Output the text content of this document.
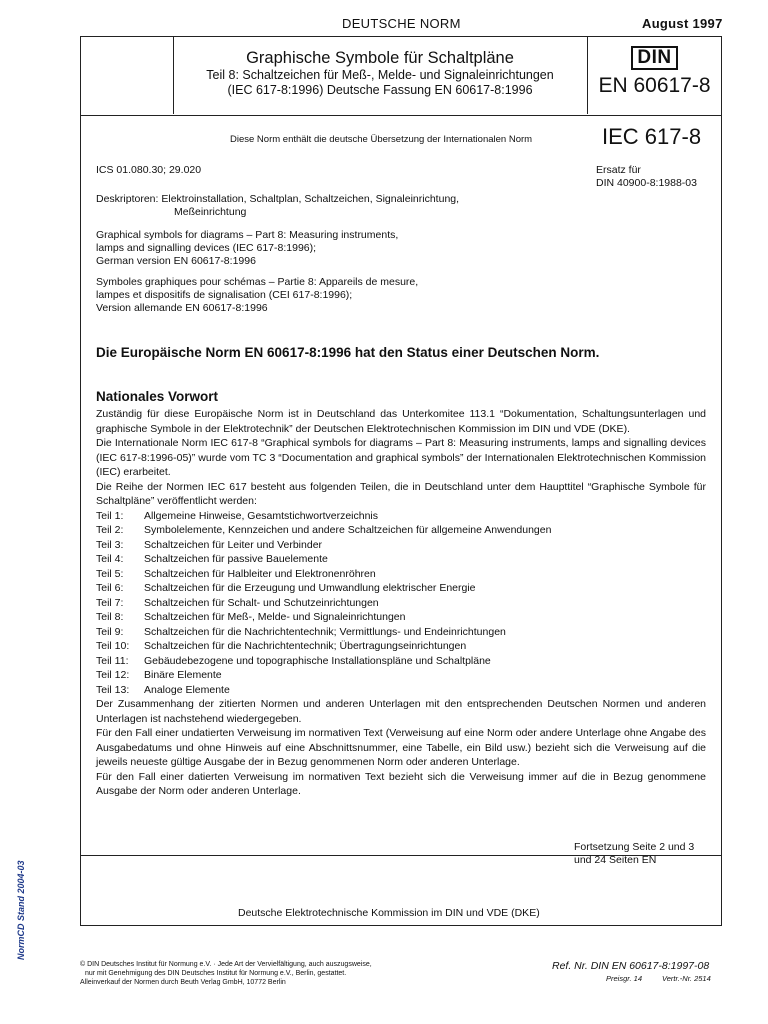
DEUTSCHE NORM	August 1997
Graphische Symbole für Schaltpläne
Teil 8: Schaltzeichen für Meß-, Melde- und Signaleinrichtungen
(IEC 617-8:1996) Deutsche Fassung EN 60617-8:1996
DIN
EN 60617-8
Diese Norm enthält die deutsche Übersetzung der Internationalen Norm	IEC 617-8
ICS 01.080.30; 29.020	Ersatz für
DIN 40900-8:1988-03
Deskriptoren: Elektroinstallation, Schaltplan, Schaltzeichen, Signaleinrichtung,
Meßeinrichtung
Graphical symbols for diagrams – Part 8: Measuring instruments,
lamps and signalling devices (IEC 617-8:1996);
German version EN 60617-8:1996
Symboles graphiques pour schémas – Partie 8: Appareils de mesure,
lampes et dispositifs de signalisation (CEI 617-8:1996);
Version allemande EN 60617-8:1996
Die Europäische Norm EN 60617-8:1996 hat den Status einer Deutschen Norm.
Nationales Vorwort
Zuständig für diese Europäische Norm ist in Deutschland das Unterkomitee 113.1 “Dokumentation, Schaltungsunterlagen und graphische Symbole in der Elektrotechnik” der Deutschen Elektrotechnischen Kommission im DIN und VDE (DKE).
Die Internationale Norm IEC 617-8 “Graphical symbols for diagrams – Part 8: Measuring instruments, lamps and signalling devices (IEC 617-8:1996-05)” wurde vom TC 3 “Documentation and graphical symbols” der Internationalen Elektrotechnischen Kommission (IEC) erarbeitet.
Die Reihe der Normen IEC 617 besteht aus folgenden Teilen, die in Deutschland unter dem Haupttitel “Graphische Symbole für Schaltpläne” veröffentlicht werden:
Teil 1:	Allgemeine Hinweise, Gesamtstichwortverzeichnis
Teil 2:	Symbolelemente, Kennzeichen und andere Schaltzeichen für allgemeine Anwendungen
Teil 3:	Schaltzeichen für Leiter und Verbinder
Teil 4:	Schaltzeichen für passive Bauelemente
Teil 5:	Schaltzeichen für Halbleiter und Elektronenröhren
Teil 6:	Schaltzeichen für die Erzeugung und Umwandlung elektrischer Energie
Teil 7:	Schaltzeichen für Schalt- und Schutzeinrichtungen
Teil 8:	Schaltzeichen für Meß-, Melde- und Signaleinrichtungen
Teil 9:	Schaltzeichen für die Nachrichtentechnik; Vermittlungs- und Endeinrichtungen
Teil 10:	Schaltzeichen für die Nachrichtentechnik; Übertragungseinrichtungen
Teil 11:	Gebäudebezogene und topographische Installationspläne und Schaltpläne
Teil 12:	Binäre Elemente
Teil 13:	Analoge Elemente
Der Zusammenhang der zitierten Normen und anderen Unterlagen mit den entsprechenden Deutschen Normen und anderen Unterlagen ist nachstehend wiedergegeben.
Für den Fall einer undatierten Verweisung im normativen Text (Verweisung auf eine Norm oder andere Unterlage ohne Angabe des Ausgabedatums und ohne Hinweis auf eine Abschnittsnummer, eine Tabelle, ein Bild usw.) bezieht sich die Verweisung auf die jeweils neueste gültige Ausgabe der in Bezug genommenen Norm oder anderen Unterlage.
Für den Fall einer datierten Verweisung im normativen Text bezieht sich die Verweisung immer auf die in Bezug genommene Ausgabe der Norm oder anderen Unterlage.
Fortsetzung Seite 2 und 3
und 24 Seiten EN
Deutsche Elektrotechnische Kommission im DIN und VDE (DKE)
NormCD Stand 2004-03
© DIN Deutsches Institut für Normung e.V. · Jede Art der Vervielfältigung, auch auszugsweise,
nur mit Genehmigung des DIN Deutsches Institut für Normung e.V., Berlin, gestattet.
Alleinverkauf der Normen durch Beuth Verlag GmbH, 10772 Berlin
Ref. Nr. DIN EN 60617-8:1997-08
Preisgr. 14	Vertr.-Nr. 2514
